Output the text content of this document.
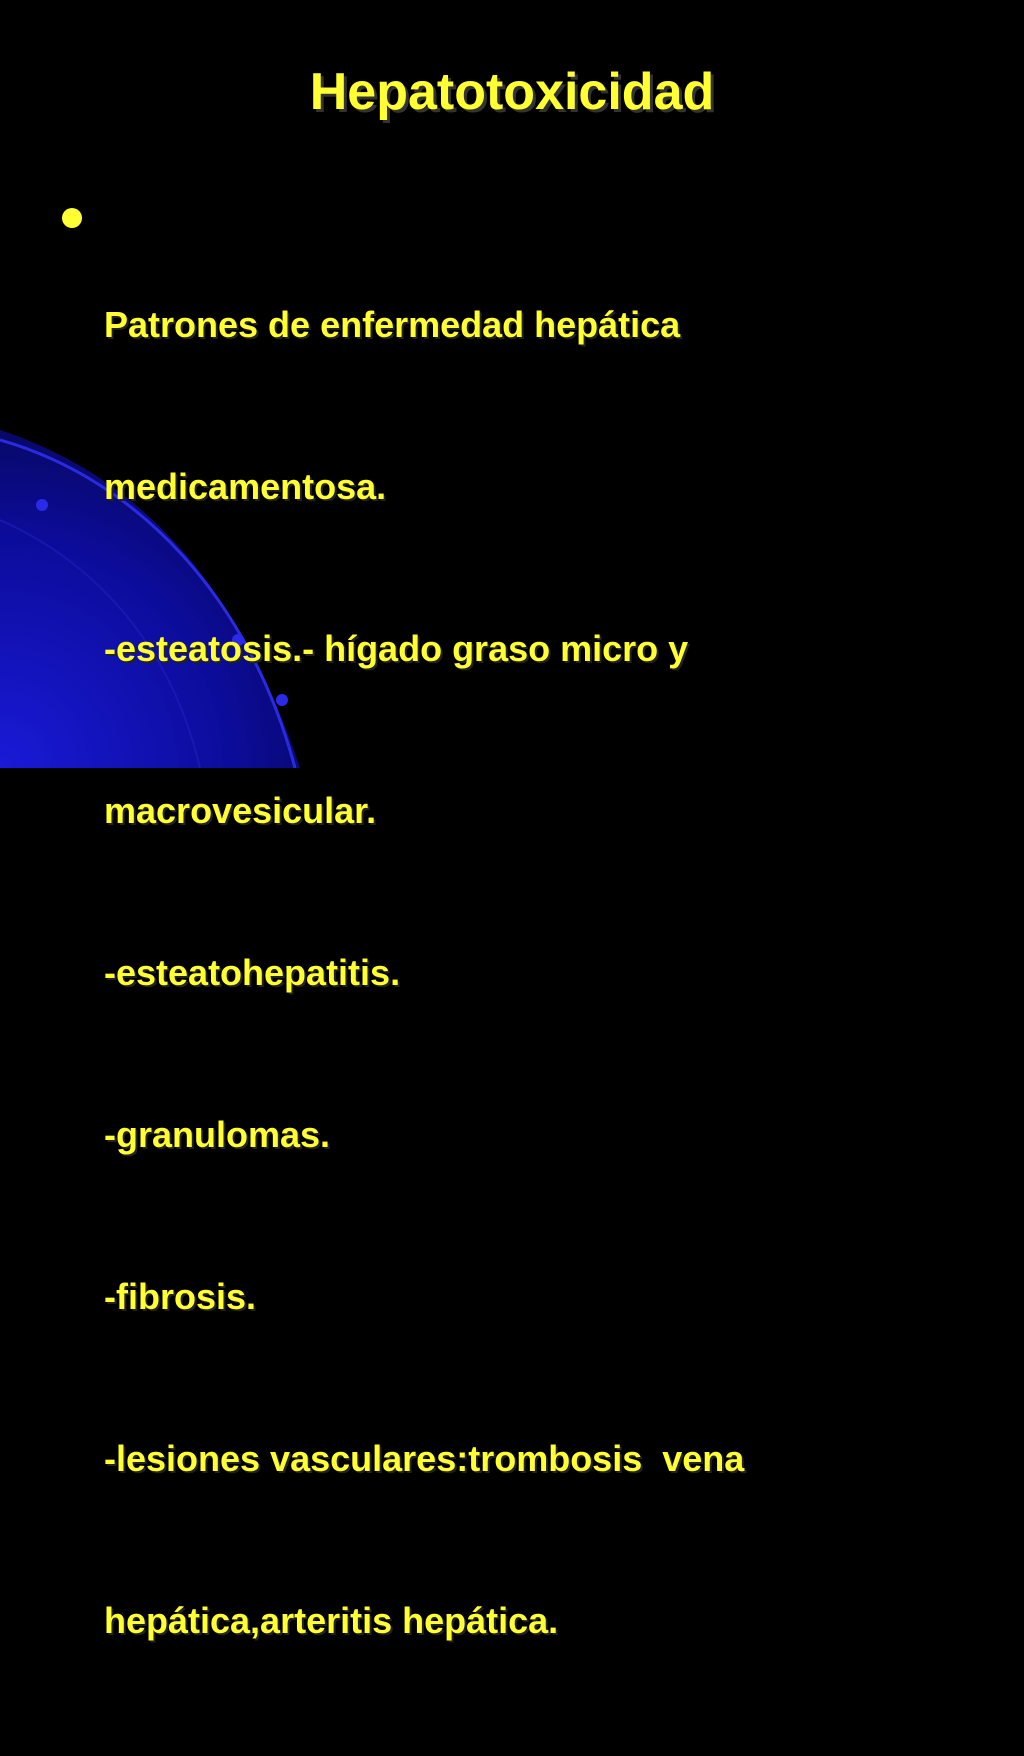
Hepatotoxicidad

Patrones de enfermedad hepática

medicamentosa.

-esteatosis.- hígado graso micro y

macrovesicular.

-esteatohepatitis.

-granulomas.

-fibrosis.

-lesiones vasculares:trombosis  vena

hepática,arteritis hepática.
